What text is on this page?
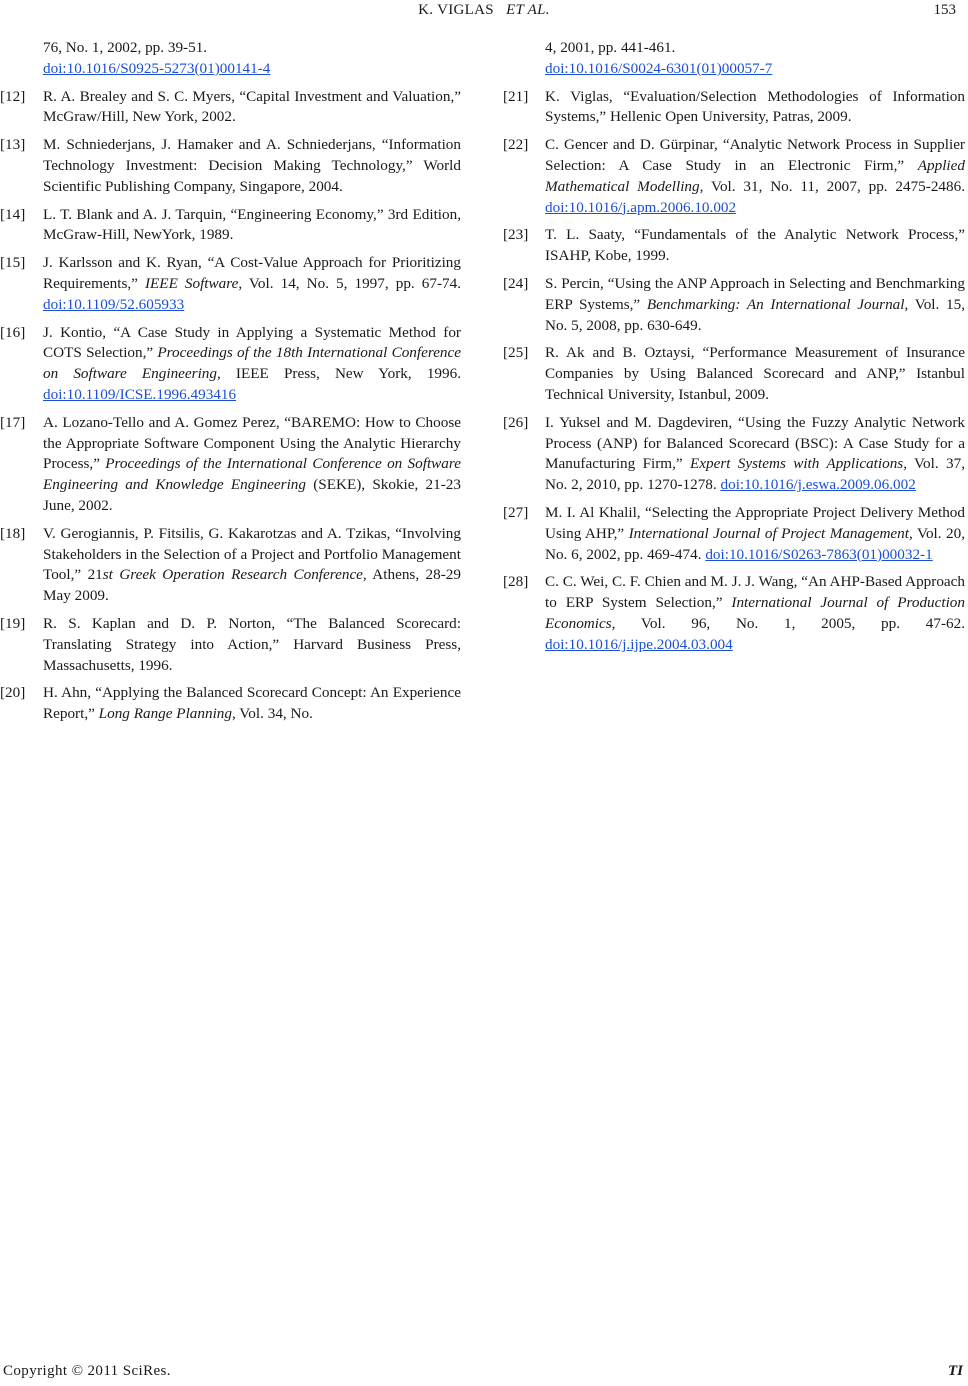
K. VIGLAS ET AL.	153
76, No. 1, 2002, pp. 39-51.
doi:10.1016/S0925-5273(01)00141-4
[12] R. A. Brealey and S. C. Myers, “Capital Investment and Valuation,” McGraw/Hill, New York, 2002.
[13] M. Schniederjans, J. Hamaker and A. Schniederjans, “Information Technology Investment: Decision Making Technology,” World Scientific Publishing Company, Singapore, 2004.
[14] L. T. Blank and A. J. Tarquin, “Engineering Economy,” 3rd Edition, McGraw-Hill, NewYork, 1989.
[15] J. Karlsson and K. Ryan, “A Cost-Value Approach for Prioritizing Requirements,” IEEE Software, Vol. 14, No. 5, 1997, pp. 67-74. doi:10.1109/52.605933
[16] J. Kontio, “A Case Study in Applying a Systematic Method for COTS Selection,” Proceedings of the 18th International Conference on Software Engineering, IEEE Press, New York, 1996. doi:10.1109/ICSE.1996.493416
[17] A. Lozano-Tello and A. Gomez Perez, “BAREMO: How to Choose the Appropriate Software Component Using the Analytic Hierarchy Process,” Proceedings of the International Conference on Software Engineering and Knowledge Engineering (SEKE), Skokie, 21-23 June, 2002.
[18] V. Gerogiannis, P. Fitsilis, G. Kakarotzas and A. Tzikas, “Involving Stakeholders in the Selection of a Project and Portfolio Management Tool,” 21st Greek Operation Research Conference, Athens, 28-29 May 2009.
[19] R. S. Kaplan and D. P. Norton, “The Balanced Scorecard: Translating Strategy into Action,” Harvard Business Press, Massachusetts, 1996.
[20] H. Ahn, “Applying the Balanced Scorecard Concept: An Experience Report,” Long Range Planning, Vol. 34, No.
4, 2001, pp. 441-461.
doi:10.1016/S0024-6301(01)00057-7
[21] K. Viglas, “Evaluation/Selection Methodologies of Information Systems,” Hellenic Open University, Patras, 2009.
[22] C. Gencer and D. Gürpinar, “Analytic Network Process in Supplier Selection: A Case Study in an Electronic Firm,” Applied Mathematical Modelling, Vol. 31, No. 11, 2007, pp. 2475-2486. doi:10.1016/j.apm.2006.10.002
[23] T. L. Saaty, “Fundamentals of the Analytic Network Process,” ISAHP, Kobe, 1999.
[24] S. Percin, “Using the ANP Approach in Selecting and Benchmarking ERP Systems,” Benchmarking: An International Journal, Vol. 15, No. 5, 2008, pp. 630-649.
[25] R. Ak and B. Oztaysi, “Performance Measurement of Insurance Companies by Using Balanced Scorecard and ANP,” Istanbul Technical University, Istanbul, 2009.
[26] I. Yuksel and M. Dagdeviren, “Using the Fuzzy Analytic Network Process (ANP) for Balanced Scorecard (BSC): A Case Study for a Manufacturing Firm,” Expert Systems with Applications, Vol. 37, No. 2, 2010, pp. 1270-1278. doi:10.1016/j.eswa.2009.06.002
[27] M. I. Al Khalil, “Selecting the Appropriate Project Delivery Method Using AHP,” International Journal of Project Management, Vol. 20, No. 6, 2002, pp. 469-474. doi:10.1016/S0263-7863(01)00032-1
[28] C. C. Wei, C. F. Chien and M. J. J. Wang, “An AHP-Based Approach to ERP System Selection,” International Journal of Production Economics, Vol. 96, No. 1, 2005, pp. 47-62. doi:10.1016/j.ijpe.2004.03.004
Copyright © 2011 SciRes.	TI
